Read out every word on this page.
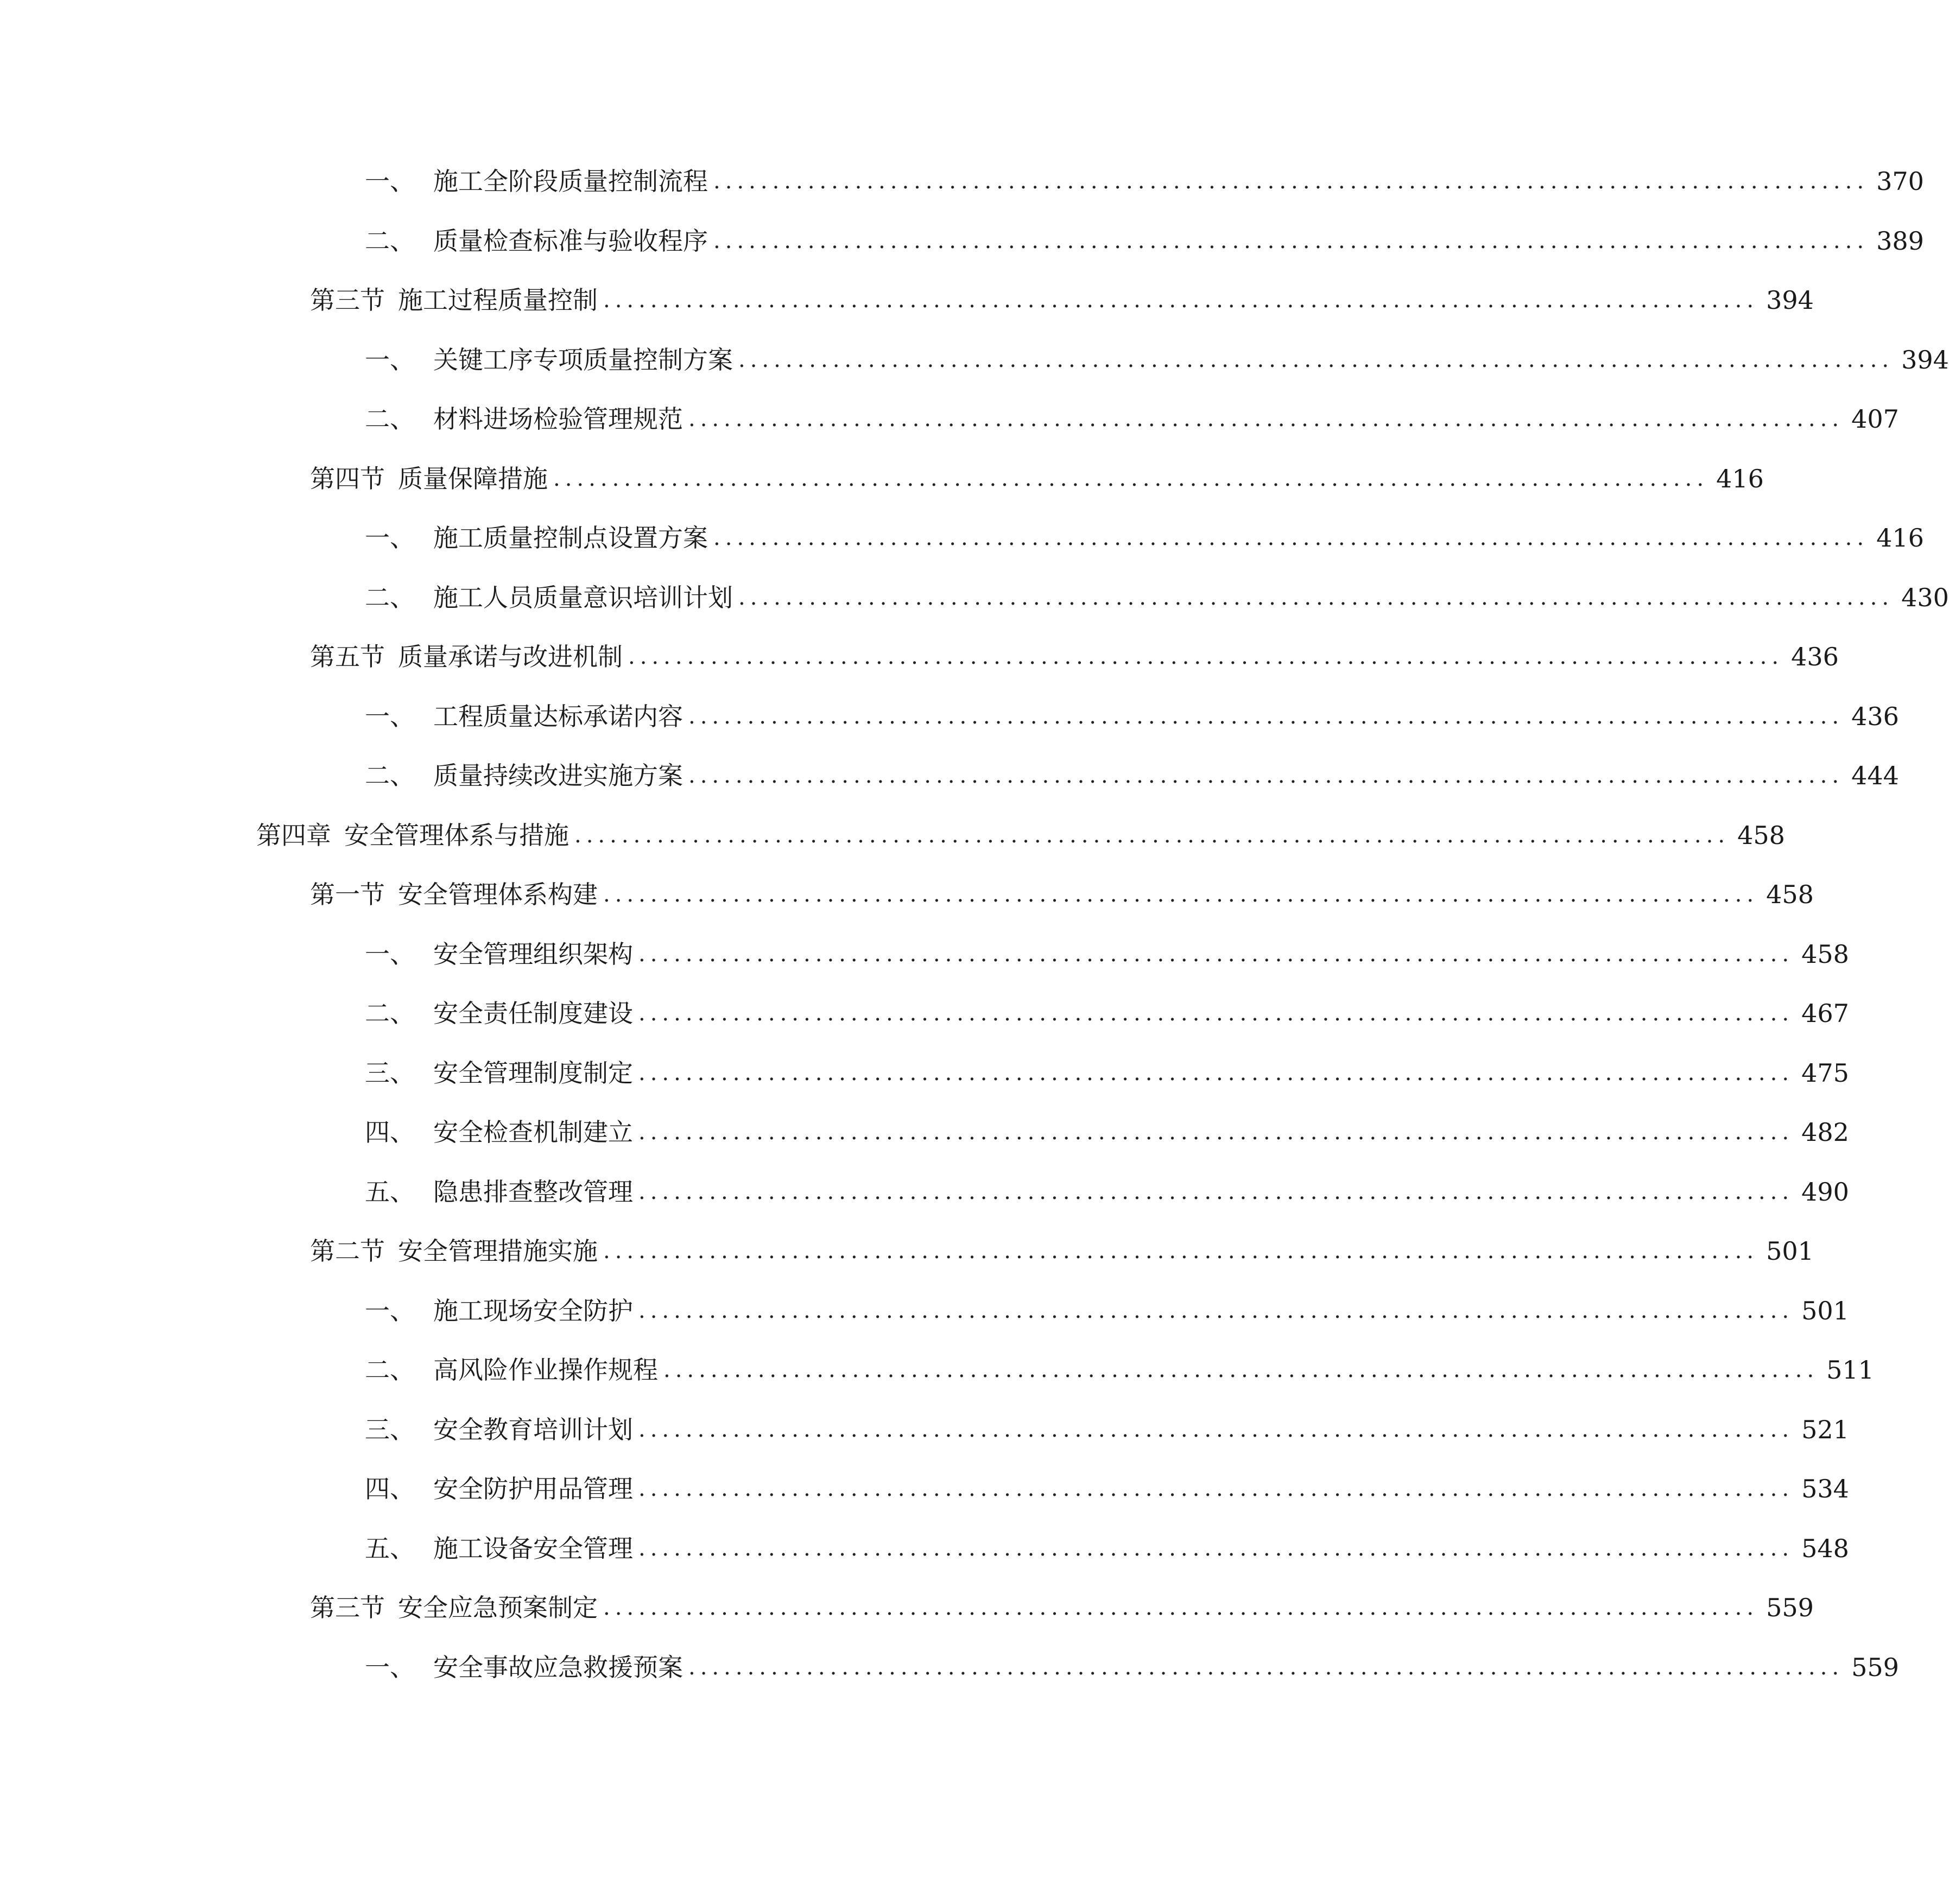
一、 施工全阶段质量控制流程 .................................................................................................. 370
二、 质量检查标准与验收程序 .................................................................................................. 389
第三节 施工过程质量控制 .................................................................................................. 394
一、 关键工序专项质量控制方案 .................................................................................................. 394
二、 材料进场检验管理规范 .................................................................................................. 407
第四节 质量保障措施 .................................................................................................. 416
一、 施工质量控制点设置方案 .................................................................................................. 416
二、 施工人员质量意识培训计划 .................................................................................................. 430
第五节 质量承诺与改进机制 .................................................................................................. 436
一、 工程质量达标承诺内容 .................................................................................................. 436
二、 质量持续改进实施方案 .................................................................................................. 444
第四章 安全管理体系与措施 .................................................................................................. 458
第一节 安全管理体系构建 .................................................................................................. 458
一、 安全管理组织架构 .................................................................................................. 458
二、 安全责任制度建设 .................................................................................................. 467
三、 安全管理制度制定 .................................................................................................. 475
四、 安全检查机制建立 .................................................................................................. 482
五、 隐患排查整改管理 .................................................................................................. 490
第二节 安全管理措施实施 .................................................................................................. 501
一、 施工现场安全防护 .................................................................................................. 501
二、 高风险作业操作规程 .................................................................................................. 511
三、 安全教育培训计划 .................................................................................................. 521
四、 安全防护用品管理 .................................................................................................. 534
五、 施工设备安全管理 .................................................................................................. 548
第三节 安全应急预案制定 .................................................................................................. 559
一、 安全事故应急救援预案 .................................................................................................. 559
